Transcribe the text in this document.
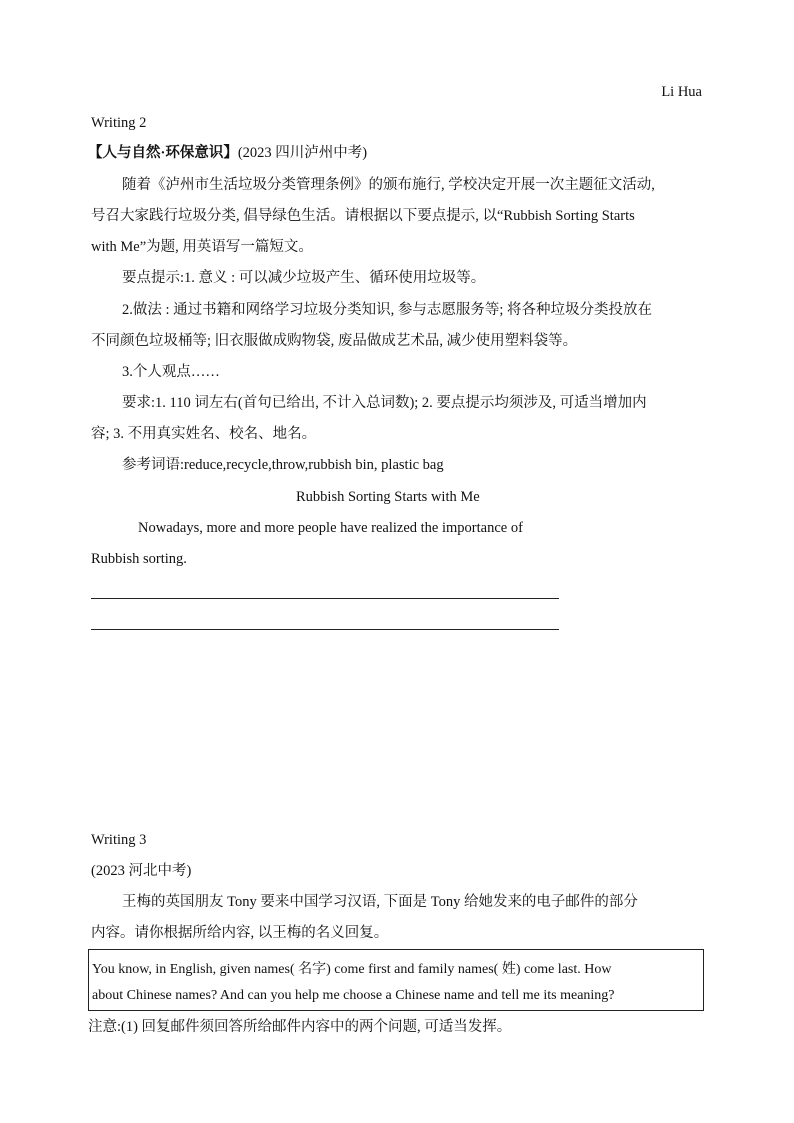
Li Hua
Writing 2
【人与自然·环保意识】(2023 四川泸州中考)
随着《泸州市生活垃圾分类管理条例》的颁布施行, 学校决定开展一次主题征文活动,
号召大家践行垃圾分类, 倡导绿色生活。请根据以下要点提示, 以“Rubbish Sorting Starts
with Me”为题, 用英语写一篇短文。
要点提示:1. 意义 : 可以减少垃圾产生、循环使用垃圾等。
2.做法 : 通过书籍和网络学习垃圾分类知识, 参与志愿服务等; 将各种垃圾分类投放在
不同颜色垃圾桶等; 旧衣服做成购物袋, 废品做成艺术品, 减少使用塑料袋等。
3.个人观点……
要求:1. 110 词左右(首句已给出, 不计入总词数); 2. 要点提示均须涉及, 可适当增加内
容; 3. 不用真实姓名、校名、地名。
参考词语:reduce,recycle,throw,rubbish bin, plastic bag
Rubbish Sorting Starts with Me
Nowadays, more and more people have realized the importance of
Rubbish sorting.
Writing 3
(2023 河北中考)
王梅的英国朋友 Tony 要来中国学习汉语, 下面是 Tony 给她发来的电子邮件的部分
内容。请你根据所给内容, 以王梅的名义回复。
You know, in English, given names( 名字) come first and family names( 姓) come last. How
about Chinese names? And can you help me choose a Chinese name and tell me its meaning?
注意:(1) 回复邮件须回答所给邮件内容中的两个问题, 可适当发挥。
